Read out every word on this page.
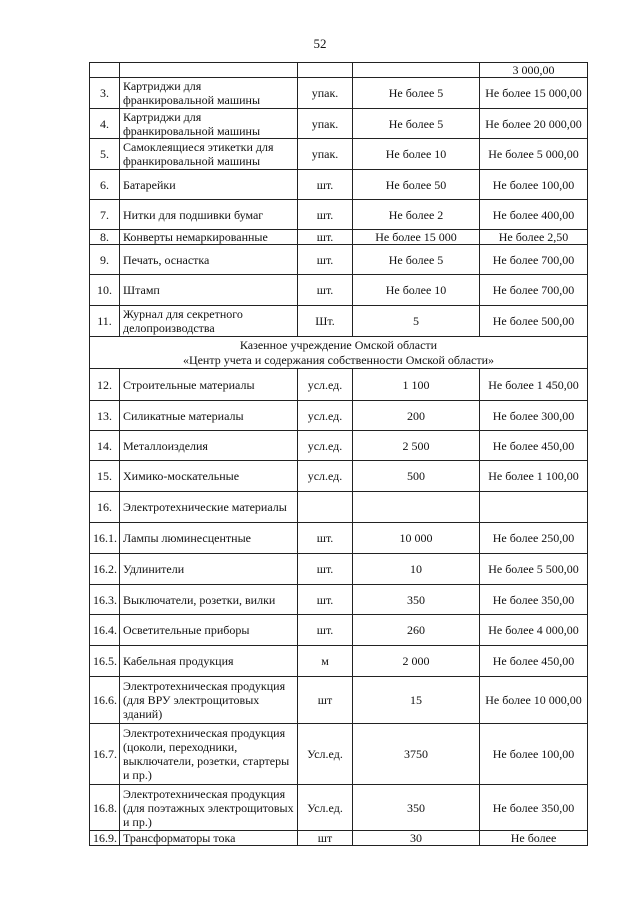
52
				3 000,00
3.	Картриджи для франкировальной машины	упак.	Не более 5	Не более 15 000,00
4.	Картриджи для франкировальной машины	упак.	Не более 5	Не более 20 000,00
5.	Самоклеящиеся этикетки для франкировальной машины	упак.	Не более 10	Не более 5 000,00
6.	Батарейки	шт.	Не более 50	Не более 100,00
7.	Нитки для подшивки бумаг	шт.	Не более 2	Не более 400,00
8.	Конверты немаркированные	шт.	Не более 15 000	Не более 2,50
9.	Печать, оснастка	шт.	Не более 5	Не более 700,00
10.	Штамп	шт.	Не более 10	Не более 700,00
11.	Журнал для секретного делопроизводства	Шт.	5	Не более 500,00

Казенное учреждение Омской области
«Центр учета и содержания собственности Омской области»				

12.	Строительные материалы	усл.ед.	1 100	Не более 1 450,00
13.	Силикатные материалы	усл.ед.	200	Не более 300,00
14.	Металлоизделия	усл.ед.	2 500	Не более 450,00
15.	Химико-москательные	усл.ед.	500	Не более 1 100,00
16.	Электротехнические материалы			
16.1.	Лампы люминесцентные	шт.	10 000	Не более 250,00
16.2.	Удлинители	шт.	10	Не более 5 500,00
16.3.	Выключатели, розетки, вилки	шт.	350	Не более 350,00
16.4.	Осветительные приборы	шт.	260	Не более 4 000,00
16.5.	Кабельная продукция	м	2 000	Не более 450,00
16.6.	Электротехническая продукция (для ВРУ электрощитовых зданий)	шт	15	Не более 10 000,00
16.7.	Электротехническая продукция (цоколи, переходники, выключатели, розетки, стартеры и пр.)	Усл.ед.	3750	Не более 100,00
16.8.	Электротехническая продукция (для поэтажных электрощитовых и пр.)	Усл.ед.	350	Не более 350,00
16.9.	Трансформаторы тока	шт	30	Не более
